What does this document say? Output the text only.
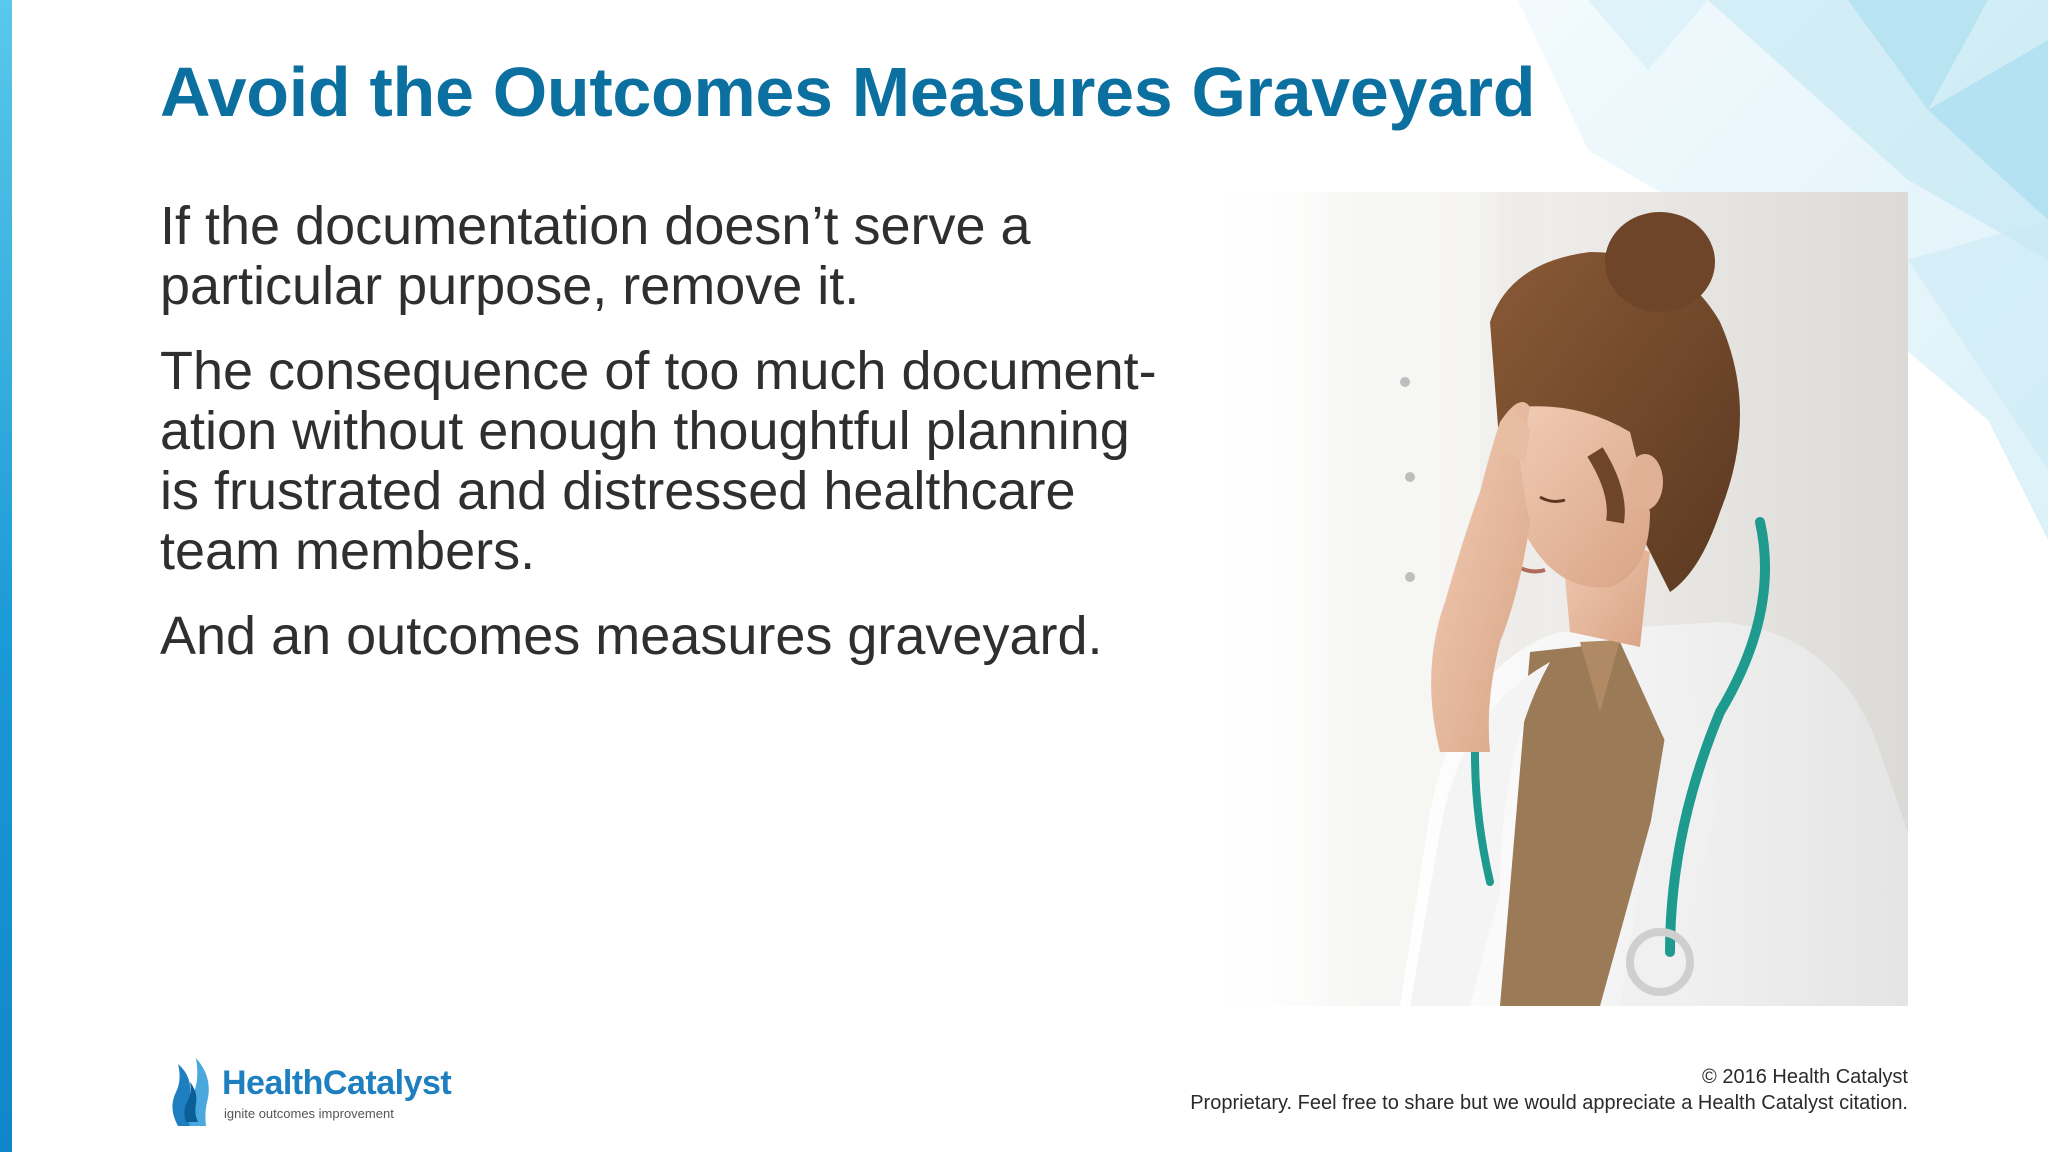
Avoid the Outcomes Measures Graveyard

If the documentation doesn’t serve a particular purpose, remove it.

The consequence of too much document-ation without enough thoughtful planning is frustrated and distressed healthcare team members.

And an outcomes measures graveyard.

HealthCatalyst
ignite outcomes improvement
© 2016 Health Catalyst
Proprietary. Feel free to share but we would appreciate a Health Catalyst citation.
